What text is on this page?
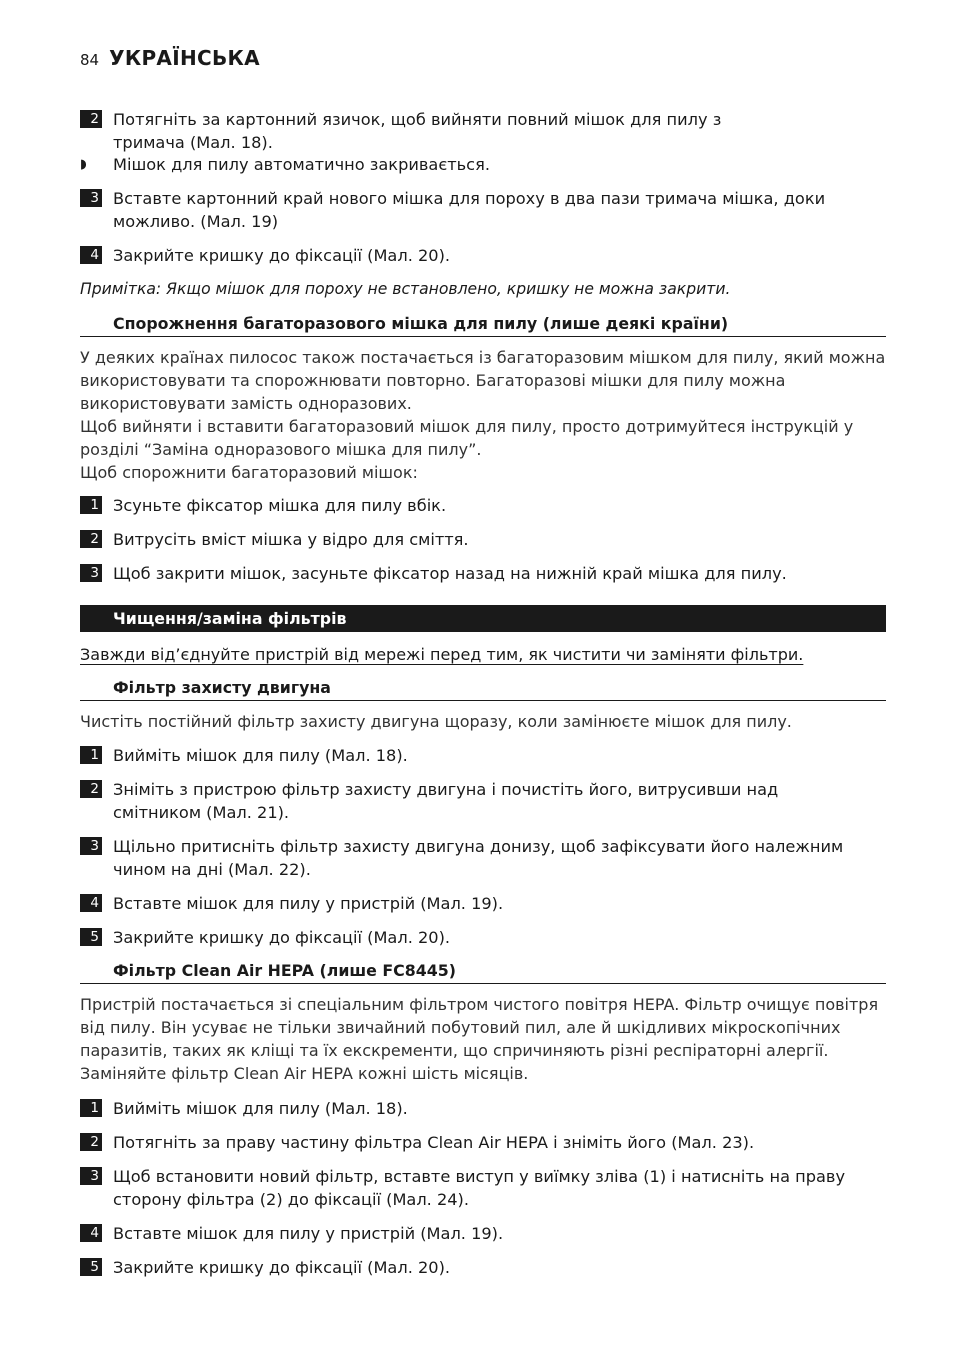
84 УКРАЇНСЬКА
2 Потягніть за картонний язичок, щоб вийняти повний мішок для пилу з
тримача (Мал. 18).
◗	Мішок для пилу автоматично закривається.
3 Вставте картонний край нового мішка для пороху в два пази тримача мішка, доки
можливо. (Мал. 19)
4 Закрийте кришку до фіксації (Мал. 20).
Примітка: Якщо мішок для пороху не встановлено, кришку не можна закрити.
Спорожнення багаторазового мішка для пилу (лише деякі країни)
У деяких країнах пилосос також постачається із багаторазовим мішком для пилу, який можна
використовувати та спорожнювати повторно. Багаторазові мішки для пилу можна
використовувати замість одноразових.
Щоб вийняти і вставити багаторазовий мішок для пилу, просто дотримуйтеся інструкцій у
розділі “Заміна одноразового мішка для пилу”.
Щоб спорожнити багаторазовий мішок:
1 Зсуньте фіксатор мішка для пилу вбік.
2 Витрусіть вміст мішка у відро для сміття.
3 Щоб закрити мішок, засуньте фіксатор назад на нижній край мішка для пилу.
Чищення/заміна фільтрів
Завжди від’єднуйте пристрій від мережі перед тим, як чистити чи заміняти фільтри.
Фільтр захисту двигуна
Чистіть постійний фільтр захисту двигуна щоразу, коли замінюєте мішок для пилу.
1 Вийміть мішок для пилу (Мал. 18).
2 Зніміть з пристрою фільтр захисту двигуна і почистіть його, витрусивши над
смітником (Мал. 21).
3 Щільно притисніть фільтр захисту двигуна донизу, щоб зафіксувати його належним
чином на дні (Мал. 22).
4 Вставте мішок для пилу у пристрій (Мал. 19).
5 Закрийте кришку до фіксації (Мал. 20).
Фільтр Clean Air HEPA (лише FC8445)
Пристрій постачається зі спеціальним фільтром чистого повітря HEPA. Фільтр очищує повітря
від пилу. Він усуває не тільки звичайний побутовий пил, але й шкідливих мікроскопічних
паразитів, таких як кліщі та їх екскременти, що спричиняють різні респіраторні алергії.
Заміняйте фільтр Clean Air HEPA кожні шість місяців.
1 Вийміть мішок для пилу (Мал. 18).
2 Потягніть за праву частину фільтра Clean Air HEPA і зніміть його (Мал. 23).
3 Щоб встановити новий фільтр, вставте виступ у виїмку зліва (1) і натисніть на праву
сторону фільтра (2) до фіксації (Мал. 24).
4 Вставте мішок для пилу у пристрій (Мал. 19).
5 Закрийте кришку до фіксації (Мал. 20).
